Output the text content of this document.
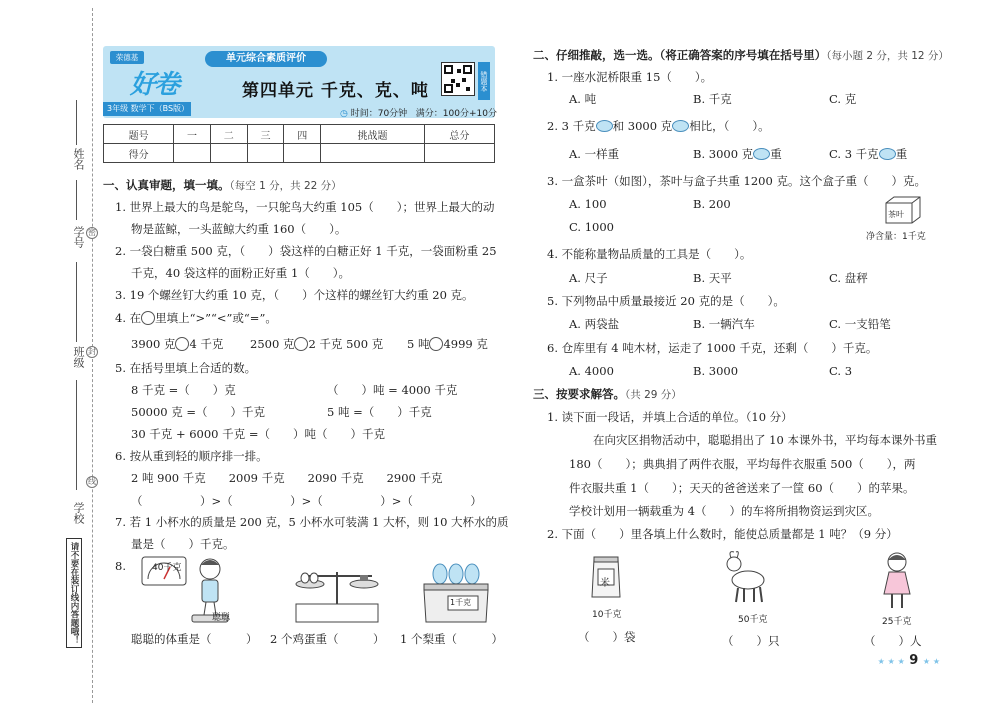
姓名
学号 密
班级 封
线
学校
请不要在装订线内答题哦！
荣德基
好卷
3年级 数学下（BS版）
单元综合素质评价
第四单元 千克、克、吨
◷ 时间：70分钟 满分：100分+10分
错题本
题号	一	二	三	四	挑战题	总分
得分						
一、认真审题，填一填。（每空 1 分，共 22 分）
1. 世界上最大的鸟是鸵鸟，一只鸵鸟大约重 105（　　）；世界上最大的动
物是蓝鲸，一头蓝鲸大约重 160（　　）。
2. 一袋白糖重 500 克，（　　）袋这样的白糖正好 1 千克，一袋面粉重 25
千克，40 袋这样的面粉正好重 1（　　）。
3. 19 个螺丝钉大约重 10 克，（　　）个这样的螺丝钉大约重 20 克。
4. 在 里填上“>”“<”或“=”。
3900 克 4 千克 2500 克 2 千克 500 克 5 吨 4999 克
5. 在括号里填上合适的数。
8 千克 =（　　）克	（　　）吨 = 4000 千克
50000 克 =（　　）千克	5 吨 =（　　）千克
30 千克 + 6000 千克 =（　　）吨（　　）千克
6. 按从重到轻的顺序排一排。
2 吨 900 千克　　2009 千克　　2090 千克　　2900 千克
（　　　　　）>（　　　　　）>（　　　　　）>（　　　　　）
7. 若 1 小杯水的质量是 200 克，5 小杯水可装满 1 大杯，则 10 大杯水的质
量是（　　）千克。
8.	40千克
聪聪
1千克
聪聪的体重是（　　　） 2 个鸡蛋重（　　　） 1 个梨重（　　　）
二、仔细推敲，选一选。（将正确答案的序号填在括号里）（每小题 2 分，共 12 分）
1. 一座水泥桥限重 15（　　）。
A. 吨	B. 千克	C. 克
2. 3 千克 和 3000 克 相比，（　　）。
A. 一样重	B. 3000 克 重	C. 3 千克 重
3. 一盒茶叶（如图），茶叶与盒子共重 1200 克。这个盒子重（　　）克。
A. 100	B. 200
C. 1000
茶叶
净含量：1千克
4. 不能称量物品质量的工具是（　　）。
A. 尺子	B. 天平	C. 盘秤
5. 下列物品中质量最接近 20 克的是（　　）。
A. 两袋盐	B. 一辆汽车	C. 一支铅笔
6. 仓库里有 4 吨木材，运走了 1000 千克，还剩（　　）千克。
A. 4000	B. 3000	C. 3
三、按要求解答。（共 29 分）
1. 读下面一段话，并填上合适的单位。（10 分）
在向灾区捐物活动中，聪聪捐出了 10 本课外书，平均每本课外书重
180（　　）；典典捐了两件衣服，平均每件衣服重 500（　　），两
件衣服共重 1（　　）；天天的爸爸送来了一筐 60（　　）的苹果。
学校计划用一辆载重为 4（　　）的车将所捐物资运到灾区。
2. 下面（　　）里各填上什么数时，能使总质量都是 1 吨？（9 分）
米
10千克
（　　）袋
50千克
（　　）只
25千克
（　　）人
★ ★ ★ 9 ★ ★
